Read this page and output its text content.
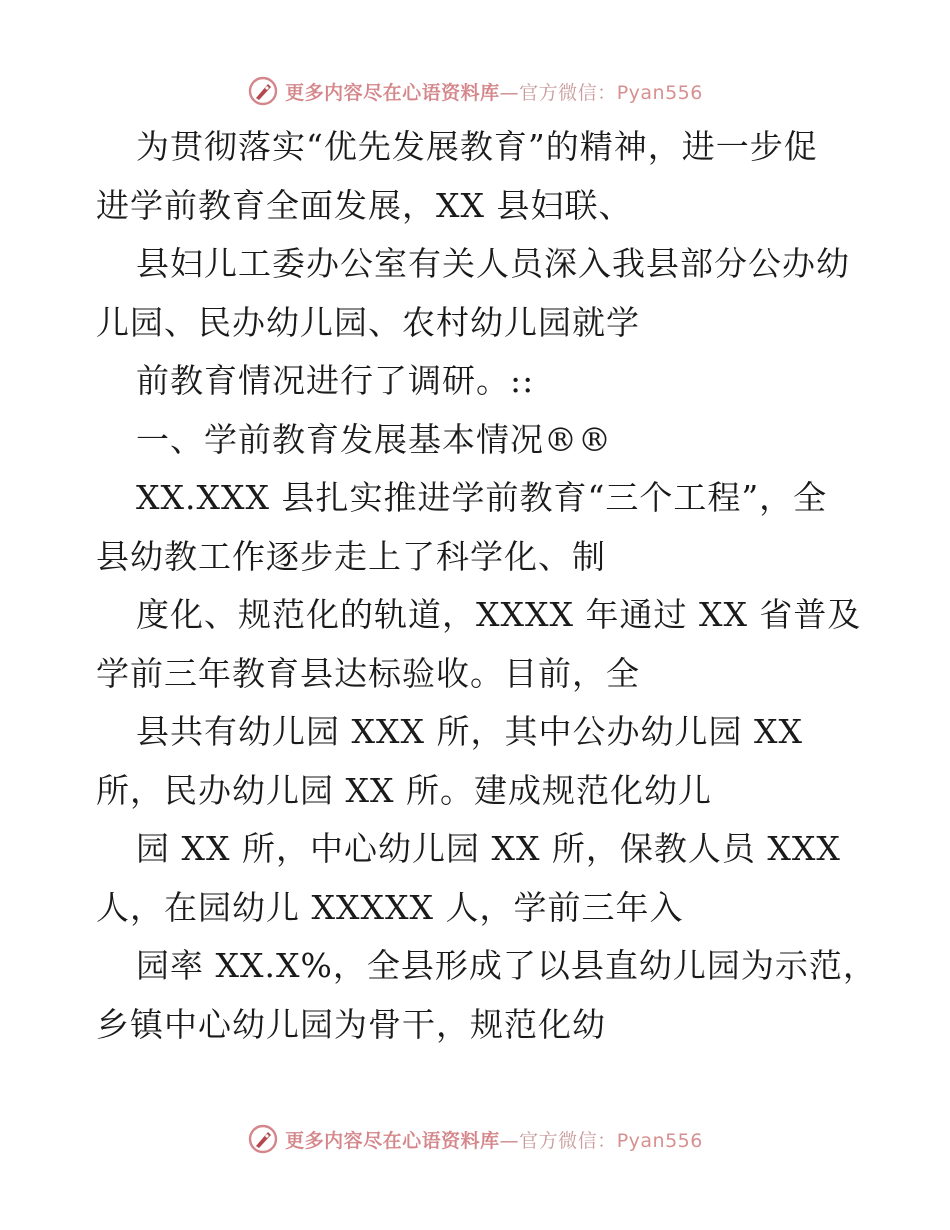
更多内容尽在心语资料库—官方微信：Pyan556
为贯彻落实“优先发展教育”的精神，进一步促
进学前教育全面发展，XX 县妇联、
县妇儿工委办公室有关人员深入我县部分公办幼
儿园、民办幼儿园、农村幼儿园就学
前教育情况进行了调研。::
一、学前教育发展基本情况®®
XX.XXX 县扎实推进学前教育“三个工程”，全
县幼教工作逐步走上了科学化、制
度化、规范化的轨道，XXXX 年通过 XX 省普及
学前三年教育县达标验收。目前，全
县共有幼儿园 XXX 所，其中公办幼儿园 XX
所，民办幼儿园 XX 所。建成规范化幼儿
园 XX 所，中心幼儿园 XX 所，保教人员 XXX
人，在园幼儿 XXXXX 人，学前三年入
园率 XX.X%，全县形成了以县直幼儿园为示范，
乡镇中心幼儿园为骨干，规范化幼
更多内容尽在心语资料库—官方微信：Pyan556
